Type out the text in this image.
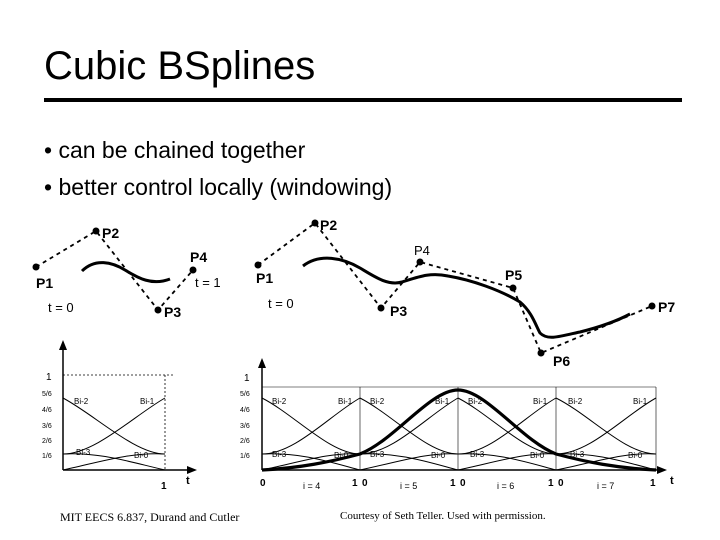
Cubic BSplines
• can be chained together
• better control locally (windowing)
P1
P2
P3
P4
t = 0
t = 1	P1
P2
P3
P4
P5
P6
P7
t = 0
1
5/6
4/6
3/6
2/6
1/6
Bi-2	Bi-1
Bi-3	Bi-0
1 t
1
5/6
4/6
3/6
2/6
1/6
Bi-2	Bi-1 Bi-2	Bi-1 Bi-2	Bi-1	Bi-2	Bi-1
Bi-3	Bi-0	Bi-3	Bi-0	Bi-3	Bi-0	Bi-3	Bi-0
0	1 0	1 0	1 0	1
i = 4	i = 5	i = 6	i = 7	t
MIT EECS 6.837, Durand and Cutler	Courtesy of Seth Teller. Used with permission.
